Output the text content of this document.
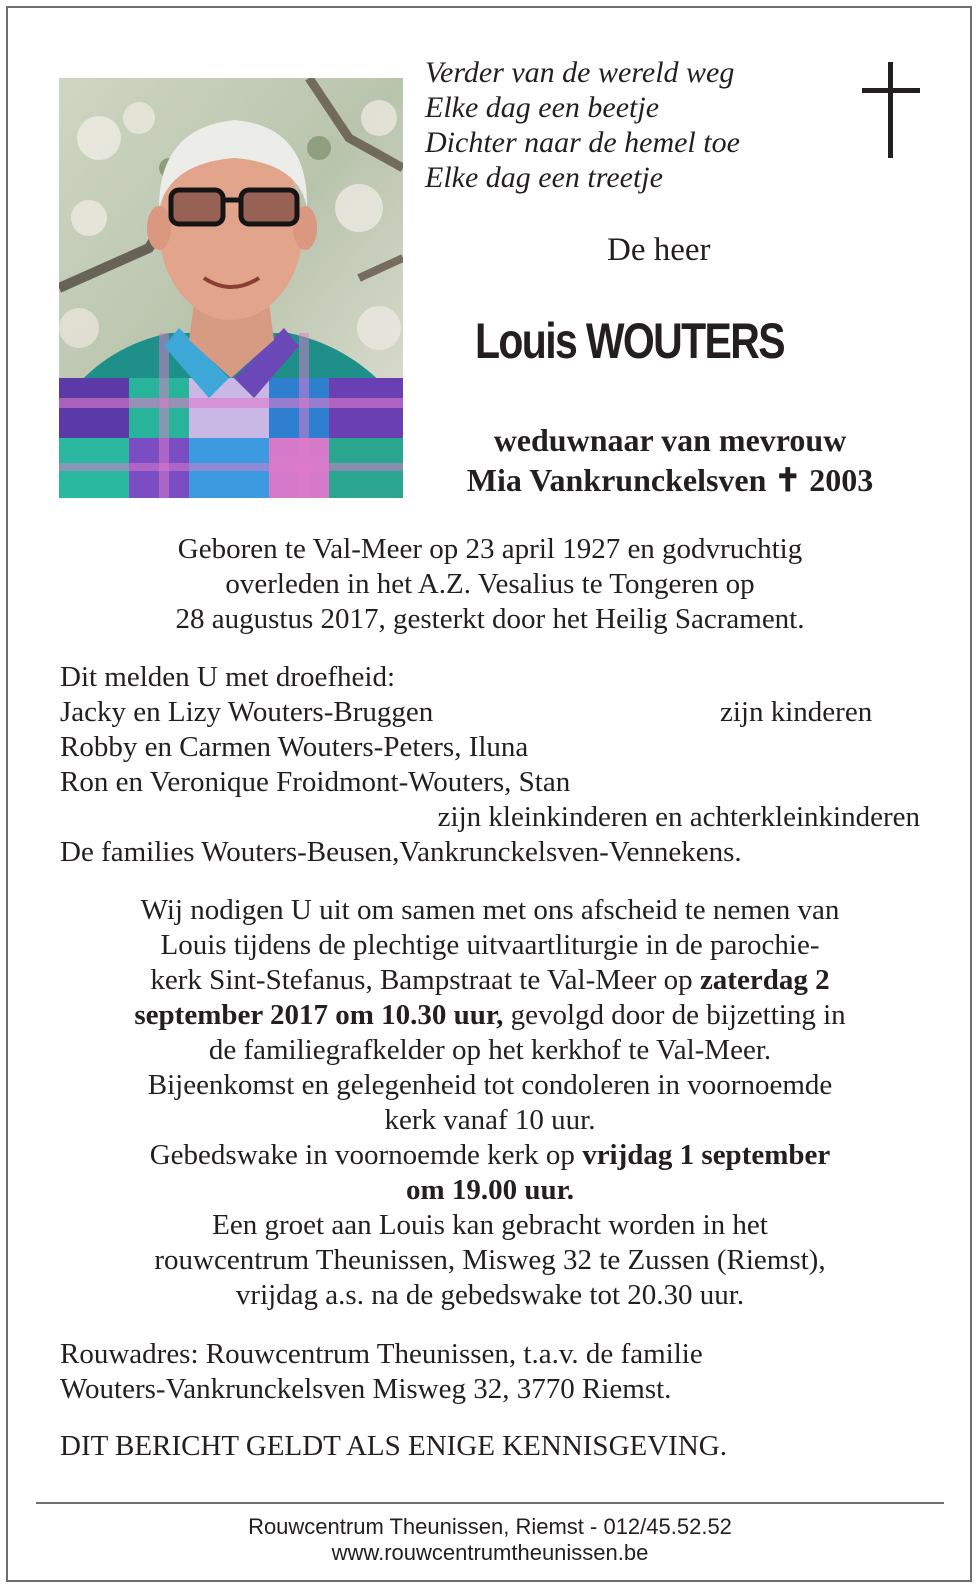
Verder van de wereld weg
Elke dag een beetje
Dichter naar de hemel toe
Elke dag een treetje
De heer
Louis WOUTERS
weduwnaar van mevrouw
Mia Vankrunckelsven ✝ 2003
Geboren te Val-Meer op 23 april 1927 en godvruchtig
overleden in het A.Z. Vesalius te Tongeren op
28 augustus 2017, gesterkt door het Heilig Sacrament.
Dit melden U met droefheid:
Jacky en Lizy Wouters-Bruggen
Robby en Carmen Wouters-Peters, Iluna
Ron en Veronique Froidmont-Wouters, Stan
zijn kleinkinderen en achterkleinkinderen
De families Wouters-Beusen,Vankrunckelsven-Vennekens.
zijn kinderen
Wij nodigen U uit om samen met ons afscheid te nemen van
Louis tijdens de plechtige uitvaartliturgie in de parochie-
kerk Sint-Stefanus, Bampstraat te Val-Meer op zaterdag 2
september 2017 om 10.30 uur, gevolgd door de bijzetting in
de familiegrafkelder op het kerkhof te Val-Meer.
Bijeenkomst en gelegenheid tot condoleren in voornoemde
kerk vanaf 10 uur.
Gebedswake in voornoemde kerk op vrijdag 1 september
om 19.00 uur.
Een groet aan Louis kan gebracht worden in het
rouwcentrum Theunissen, Misweg 32 te Zussen (Riemst),
vrijdag a.s. na de gebedswake tot 20.30 uur.
Rouwadres: Rouwcentrum Theunissen, t.a.v. de familie
Wouters-Vankrunckelsven Misweg 32, 3770 Riemst.
DIT BERICHT GELDT ALS ENIGE KENNISGEVING.
Rouwcentrum Theunissen, Riemst - 012/45.52.52
www.rouwcentrumtheunissen.be
